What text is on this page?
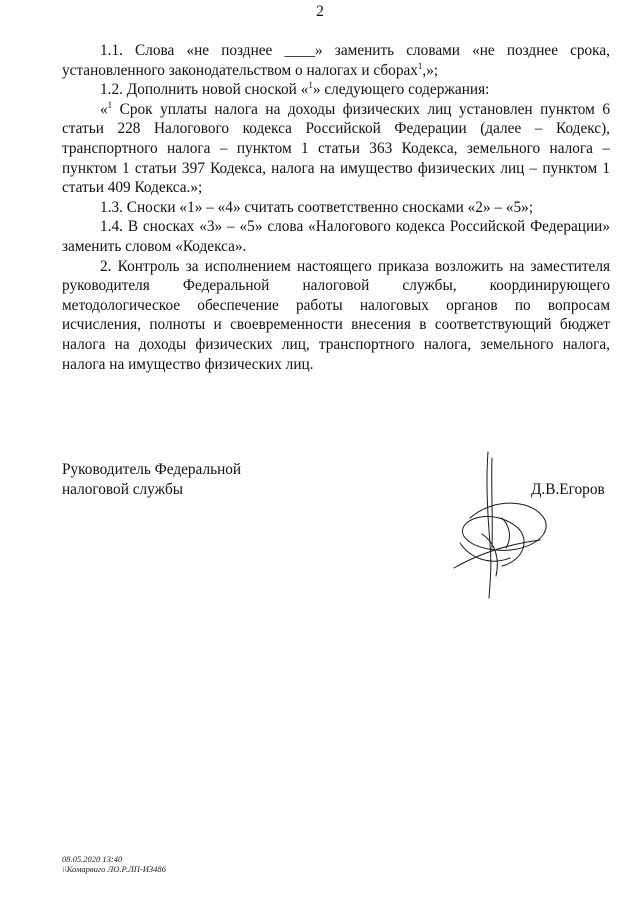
2

1.1. Слова «не позднее ____» заменить словами «не позднее срока, установленного законодательством о налогах и сборах$^1$,»;

1.2. Дополнить новой сноской «$^1$» следующего содержания:

«$^1$ Срок уплаты налога на доходы физических лиц установлен пунктом 6 статьи 228 Налогового кодекса Российской Федерации (далее – Кодекс), транспортного налога – пунктом 1 статьи 363 Кодекса, земельного налога – пунктом 1 статьи 397 Кодекса, налога на имущество физических лиц – пунктом 1 статьи 409 Кодекса.»;

1.3. Сноски «1» – «4» считать соответственно сносками «2» – «5»;

1.4. В сносках «3» – «5» слова «Налогового кодекса Российской Федерации» заменить словом «Кодекса».

2. Контроль за исполнением настоящего приказа возложить на заместителя руководителя Федеральной налоговой службы, координирующего методологическое обеспечение работы налоговых органов по вопросам исчисления, полноты и своевременности внесения в соответствующий бюджет налога на доходы физических лиц, транспортного налога, земельного налога, налога на имущество физических лиц.

Руководитель Федеральной
налоговой службы	Д.В.Егоров
08.05.2020 13:40
\\Комарвиго ЛО.Р.ЛП-ИЗ486
